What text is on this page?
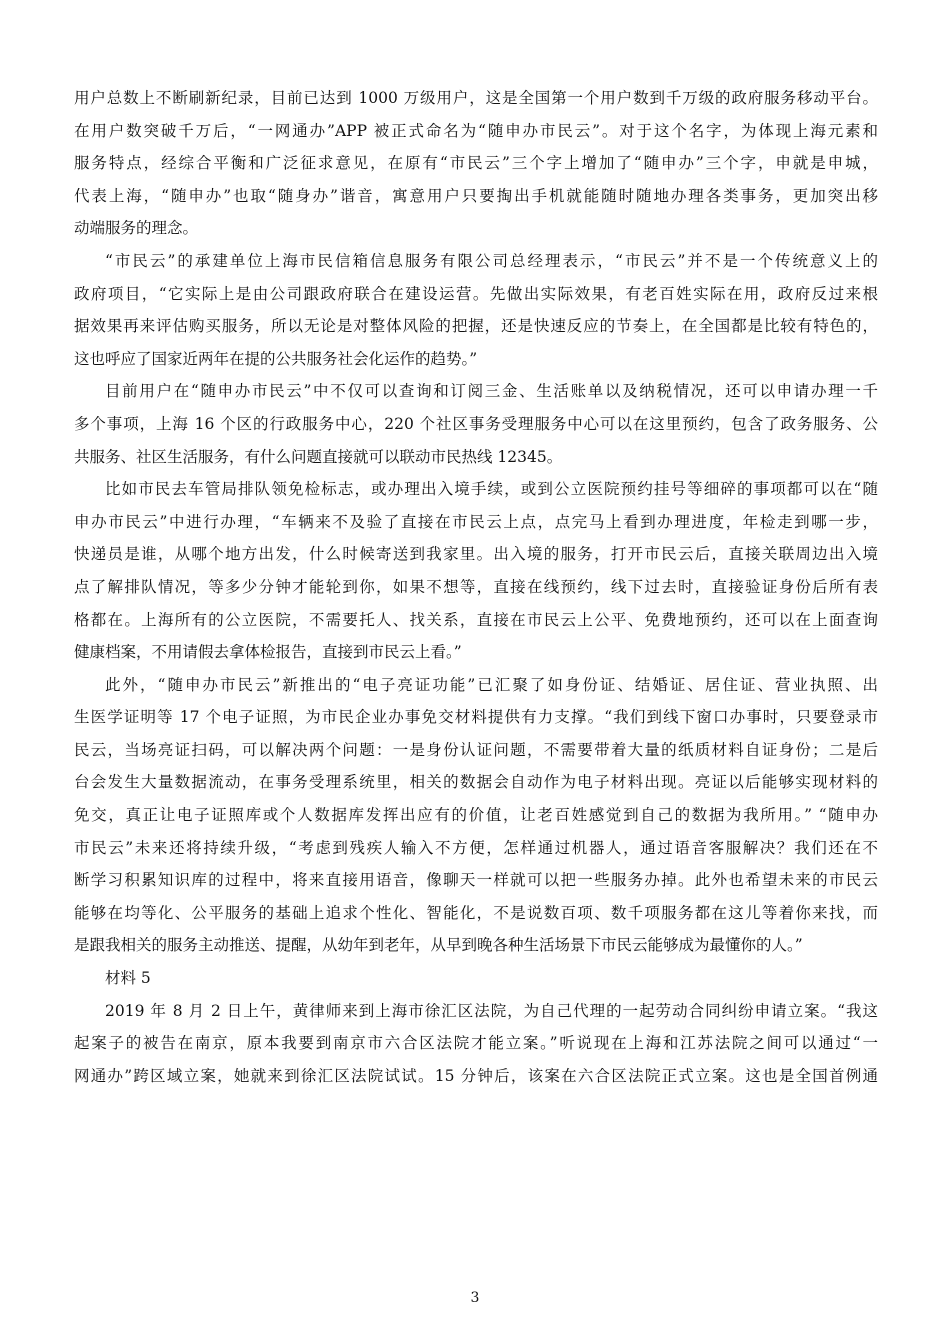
用户总数上不断刷新纪录，目前已达到 1000 万级用户，这是全国第一个用户数到千万级的政府服务移动平台。
在用户数突破千万后，“一网通办”APP 被正式命名为“随申办市民云”。对于这个名字，为体现上海元素和
服务特点，经综合平衡和广泛征求意见，在原有“市民云”三个字上增加了“随申办”三个字，申就是申城，
代表上海，“随申办”也取“随身办”谐音，寓意用户只要掏出手机就能随时随地办理各类事务，更加突出移
动端服务的理念。

“市民云”的承建单位上海市民信箱信息服务有限公司总经理表示，“市民云”并不是一个传统意义上的
政府项目，“它实际上是由公司跟政府联合在建设运营。先做出实际效果，有老百姓实际在用，政府反过来根
据效果再来评估购买服务，所以无论是对整体风险的把握，还是快速反应的节奏上，在全国都是比较有特色的，
这也呼应了国家近两年在提的公共服务社会化运作的趋势。”

目前用户在“随申办市民云”中不仅可以查询和订阅三金、生活账单以及纳税情况，还可以申请办理一千
多个事项，上海 16 个区的行政服务中心，220 个社区事务受理服务中心可以在这里预约，包含了政务服务、公
共服务、社区生活服务，有什么问题直接就可以联动市民热线 12345。

比如市民去车管局排队领免检标志，或办理出入境手续，或到公立医院预约挂号等细碎的事项都可以在“随
申办市民云”中进行办理，“车辆来不及验了直接在市民云上点，点完马上看到办理进度，年检走到哪一步，
快递员是谁，从哪个地方出发，什么时候寄送到我家里。出入境的服务，打开市民云后，直接关联周边出入境
点了解排队情况，等多少分钟才能轮到你，如果不想等，直接在线预约，线下过去时，直接验证身份后所有表
格都在。上海所有的公立医院，不需要托人、找关系，直接在市民云上公平、免费地预约，还可以在上面查询
健康档案，不用请假去拿体检报告，直接到市民云上看。”

此外，“随申办市民云”新推出的“电子亮证功能”已汇聚了如身份证、结婚证、居住证、营业执照、出
生医学证明等 17 个电子证照，为市民企业办事免交材料提供有力支撑。“我们到线下窗口办事时，只要登录市
民云，当场亮证扫码，可以解决两个问题：一是身份认证问题，不需要带着大量的纸质材料自证身份；二是后
台会发生大量数据流动，在事务受理系统里，相关的数据会自动作为电子材料出现。亮证以后能够实现材料的
免交，真正让电子证照库或个人数据库发挥出应有的价值，让老百姓感觉到自己的数据为我所用。” “随申办
市民云”未来还将持续升级，“考虑到残疾人输入不方便，怎样通过机器人，通过语音客服解决？我们还在不
断学习积累知识库的过程中，将来直接用语音，像聊天一样就可以把一些服务办掉。此外也希望未来的市民云
能够在均等化、公平服务的基础上追求个性化、智能化，不是说数百项、数千项服务都在这儿等着你来找，而
是跟我相关的服务主动推送、提醒，从幼年到老年，从早到晚各种生活场景下市民云能够成为最懂你的人。”

材料 5

2019 年 8 月 2 日上午，黄律师来到上海市徐汇区法院，为自己代理的一起劳动合同纠纷申请立案。“我这
起案子的被告在南京，原本我要到南京市六合区法院才能立案。”听说现在上海和江苏法院之间可以通过“一
网通办”跨区域立案，她就来到徐汇区法院试试。15 分钟后，该案在六合区法院正式立案。这也是全国首例通

3
